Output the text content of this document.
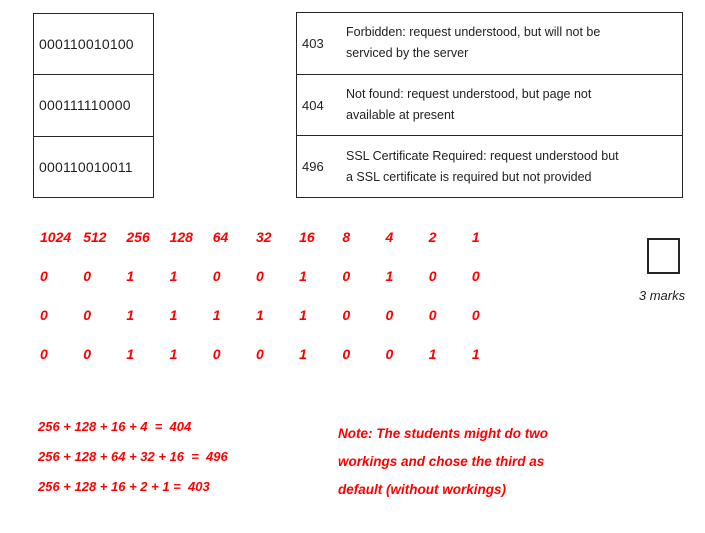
000110010100
000111110000
000110010011
403
Forbidden: request understood, but will not be
serviced by the server
404
Not found: request understood, but page not
available at present
496
SSL Certificate Required: request understood but
a SSL certificate is required but not provided
1024 512	256	128	64	32	16	8	4	2	1
0	0	1	1	0	0	1	0	1	0	0
0	0	1	1	1	1	1	0	0	0	0
0	0	1	1	0	0	1	0	0	1	1
3 marks
256 + 128 + 16 + 4  =  404
256 + 128 + 64 + 32 + 16  =  496
256 + 128 + 16 + 2 + 1 =  403
Note: The students might do two
workings and chose the third as
default (without workings)
